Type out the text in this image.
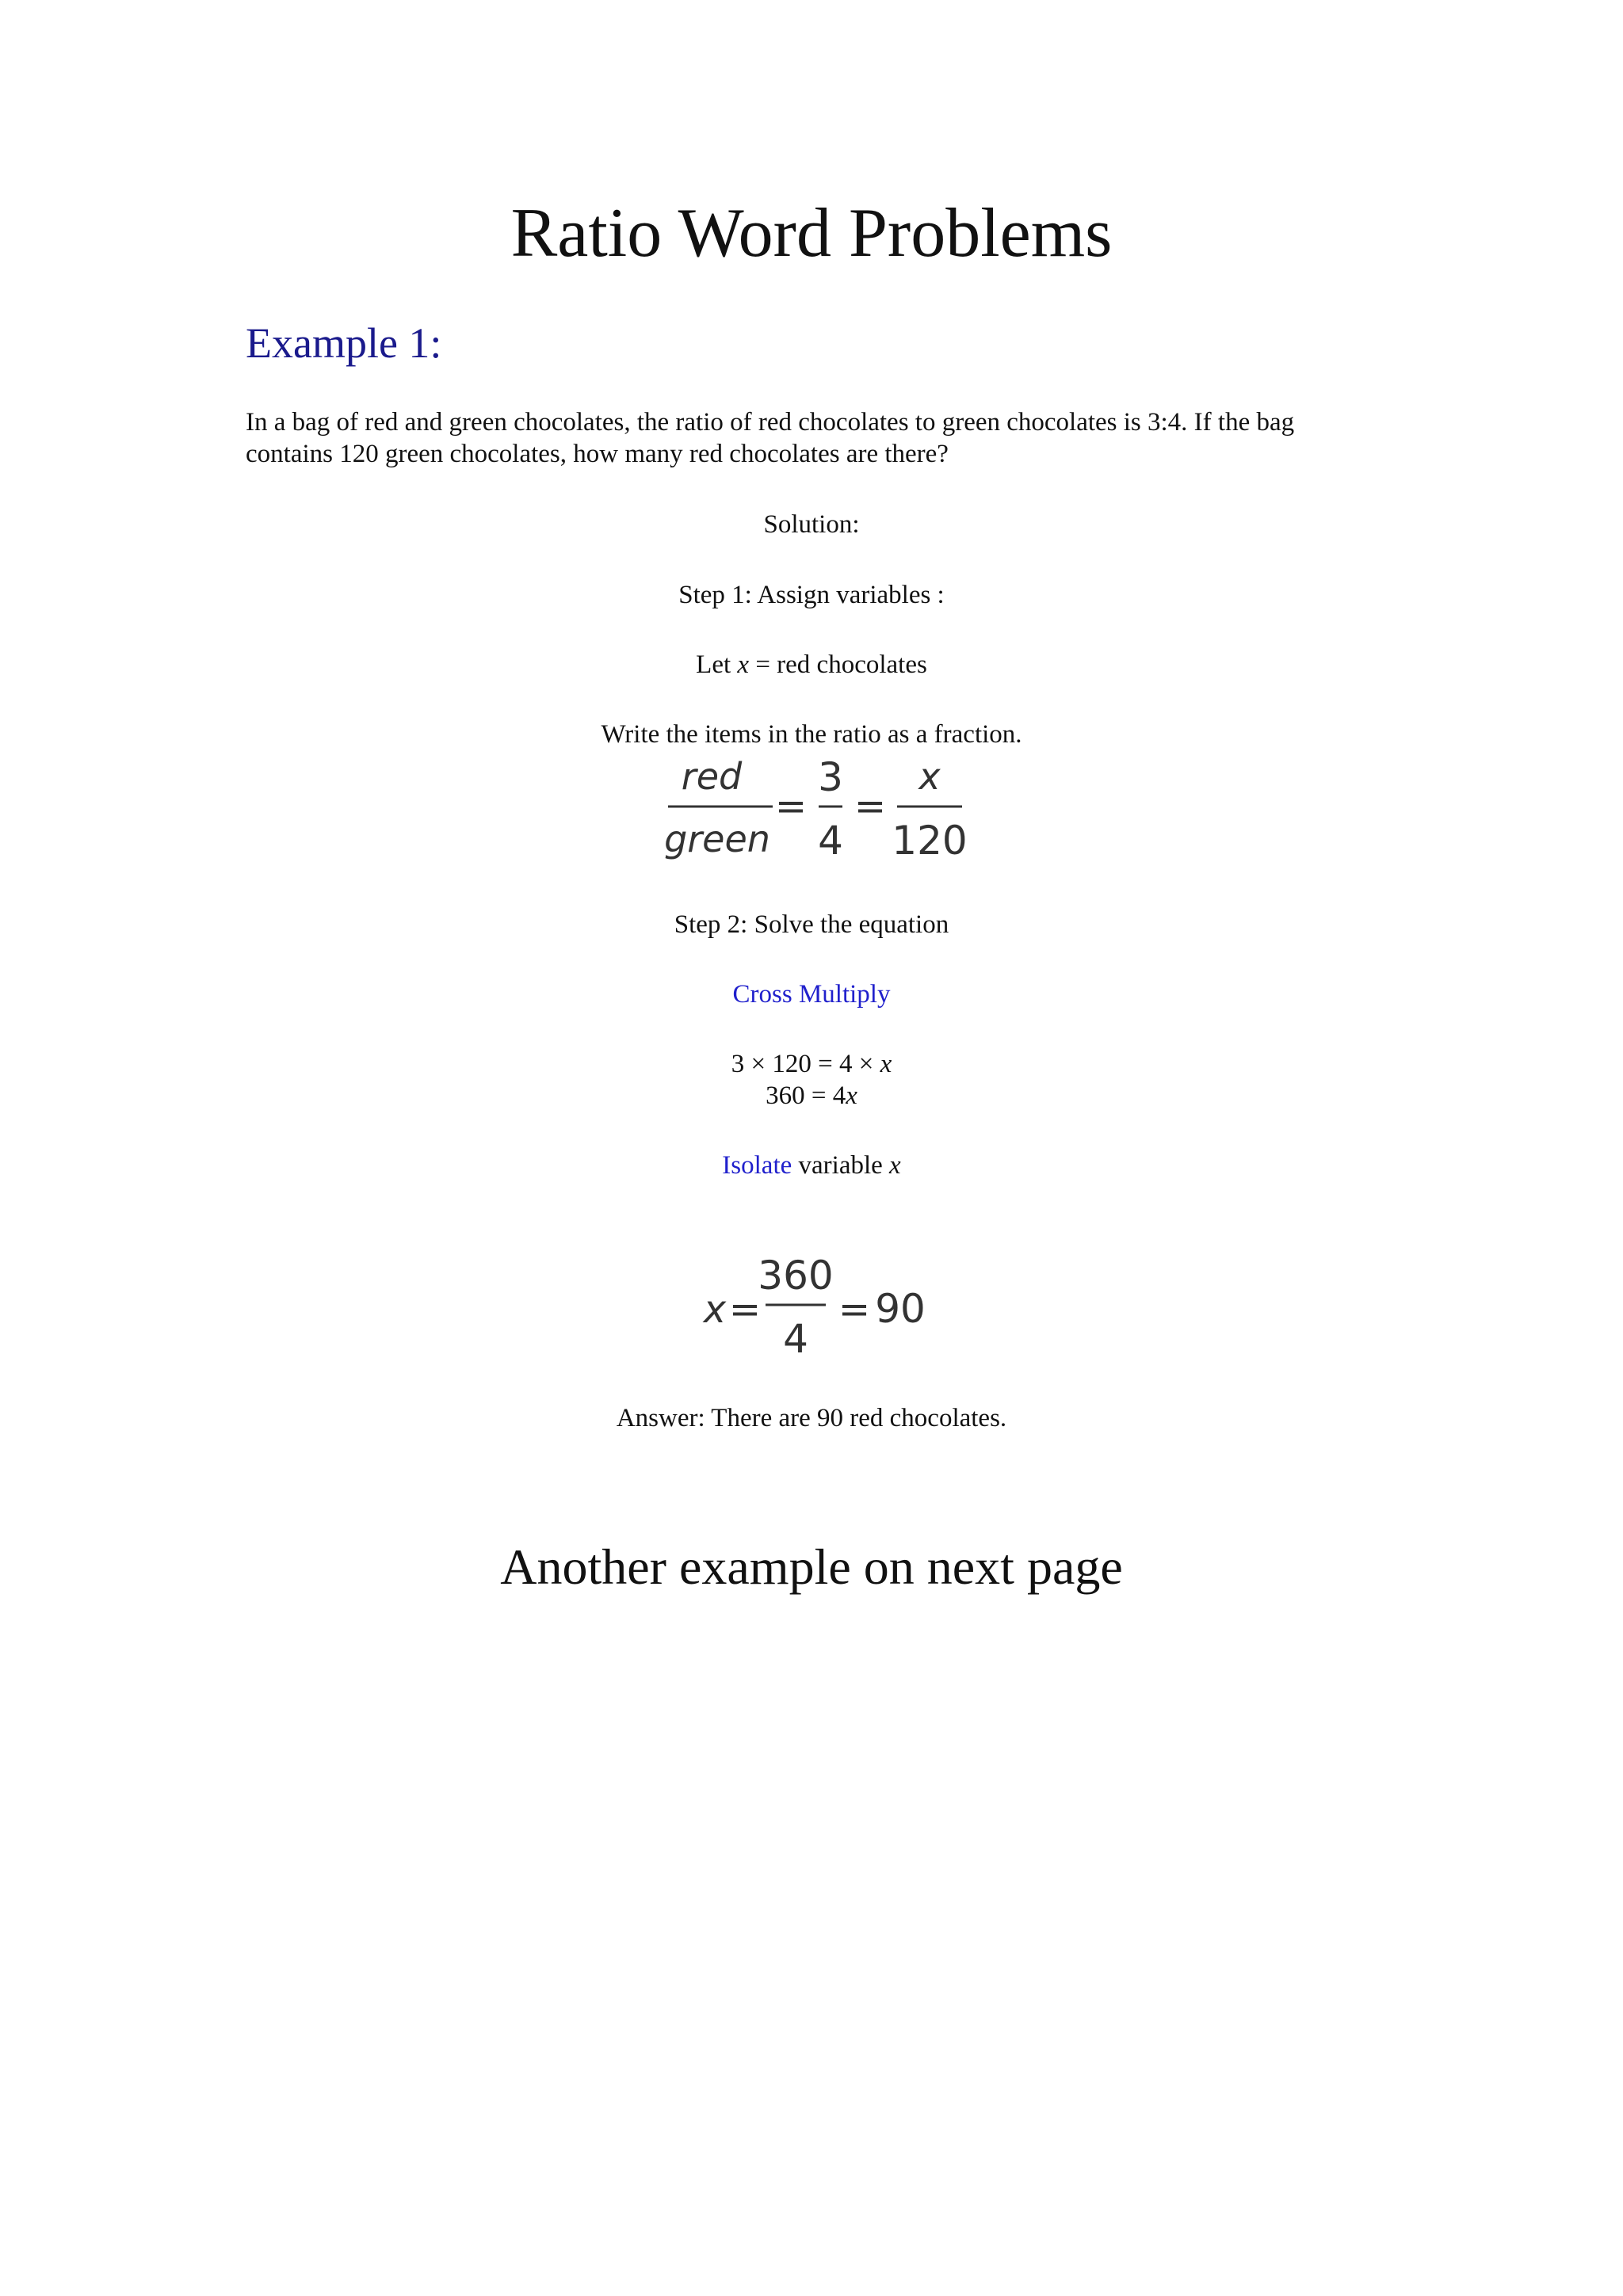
Ratio Word Problems
Example 1:
In a bag of red and green chocolates, the ratio of red chocolates to green chocolates is 3:4. If the bag contains 120 green chocolates, how many red chocolates are there?
Solution:
Step 1: Assign variables :
Let x = red chocolates
Write the items in the ratio as a fraction.
red
green
=
3
4
=
x
120
Step 2: Solve the equation
Cross Multiply
3 × 120 = 4 × x
360 = 4x
Isolate variable x
x =
360
4
= 90
Answer: There are 90 red chocolates.
Another example on next page
